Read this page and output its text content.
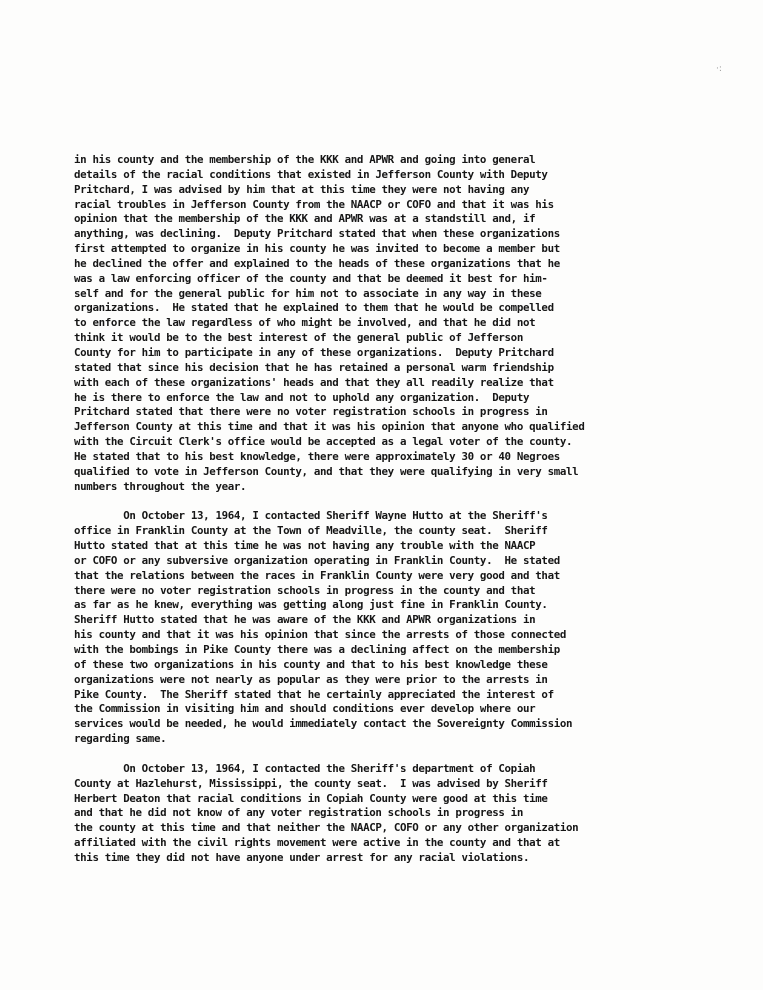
·:
in his county and the membership of the KKK and APWR and going into general
details of the racial conditions that existed in Jefferson County with Deputy
Pritchard, I was advised by him that at this time they were not having any
racial troubles in Jefferson County from the NAACP or COFO and that it was his
opinion that the membership of the KKK and APWR was at a standstill and, if
anything, was declining.  Deputy Pritchard stated that when these organizations
first attempted to organize in his county he was invited to become a member but
he declined the offer and explained to the heads of these organizations that he
was a law enforcing officer of the county and that be deemed it best for him-
self and for the general public for him not to associate in any way in these
organizations.  He stated that he explained to them that he would be compelled
to enforce the law regardless of who might be involved, and that he did not
think it would be to the best interest of the general public of Jefferson
County for him to participate in any of these organizations.  Deputy Pritchard
stated that since his decision that he has retained a personal warm friendship
with each of these organizations' heads and that they all readily realize that
he is there to enforce the law and not to uphold any organization.  Deputy
Pritchard stated that there were no voter registration schools in progress in
Jefferson County at this time and that it was his opinion that anyone who qualified
with the Circuit Clerk's office would be accepted as a legal voter of the county.
He stated that to his best knowledge, there were approximately 30 or 40 Negroes
qualified to vote in Jefferson County, and that they were qualifying in very small
numbers throughout the year.
On October 13, 1964, I contacted Sheriff Wayne Hutto at the Sheriff's
office in Franklin County at the Town of Meadville, the county seat.  Sheriff
Hutto stated that at this time he was not having any trouble with the NAACP
or COFO or any subversive organization operating in Franklin County.  He stated
that the relations between the races in Franklin County were very good and that
there were no voter registration schools in progress in the county and that
as far as he knew, everything was getting along just fine in Franklin County.
Sheriff Hutto stated that he was aware of the KKK and APWR organizations in
his county and that it was his opinion that since the arrests of those connected
with the bombings in Pike County there was a declining affect on the membership
of these two organizations in his county and that to his best knowledge these
organizations were not nearly as popular as they were prior to the arrests in
Pike County.  The Sheriff stated that he certainly appreciated the interest of
the Commission in visiting him and should conditions ever develop where our
services would be needed, he would immediately contact the Sovereignty Commission
regarding same.
On October 13, 1964, I contacted the Sheriff's department of Copiah
County at Hazlehurst, Mississippi, the county seat.  I was advised by Sheriff
Herbert Deaton that racial conditions in Copiah County were good at this time
and that he did not know of any voter registration schools in progress in
the county at this time and that neither the NAACP, COFO or any other organization
affiliated with the civil rights movement were active in the county and that at
this time they did not have anyone under arrest for any racial violations.
